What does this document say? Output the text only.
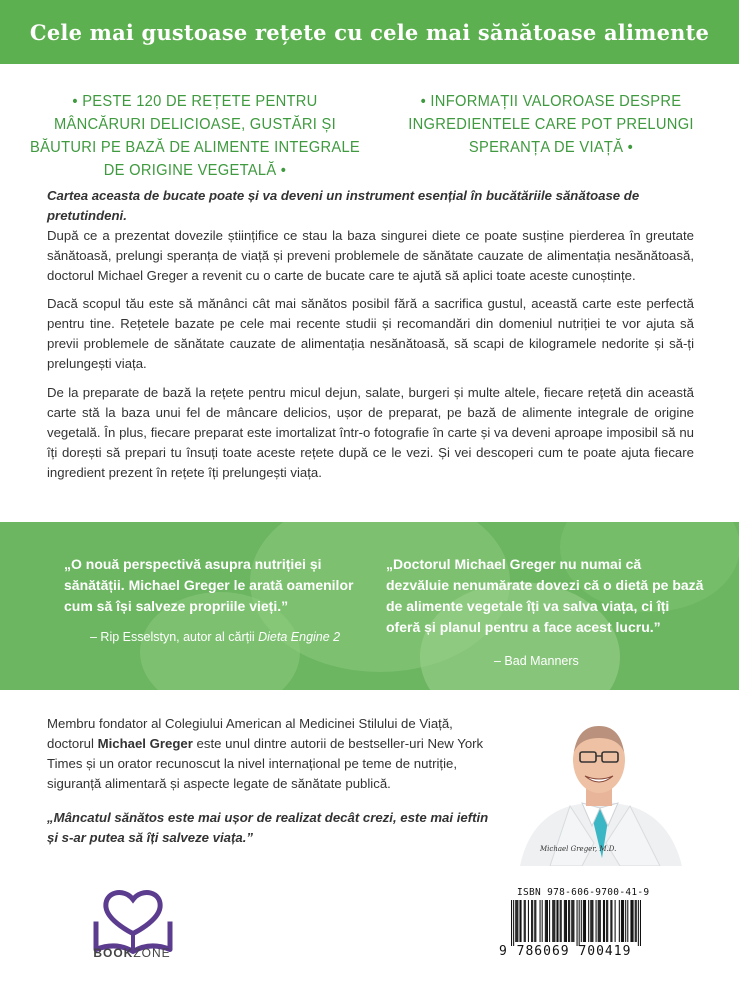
Cele mai gustoase rețete cu cele mai sănătoase alimente
• PESTE 120 DE REȚETE PENTRU MÂNCĂRURI DELICIOASE, GUSTĂRI ȘI BĂUTURI PE BAZĂ DE ALIMENTE INTEGRALE DE ORIGINE VEGETALĂ •
• INFORMAȚII VALOROASE DESPRE INGREDIENTELE CARE POT PRELUNGI SPERANȚA DE VIAȚĂ •

Cartea aceasta de bucate poate și va deveni un instrument esențial în bucătăriile sănătoase de pretutindeni.

După ce a prezentat dovezile științifice ce stau la baza singurei diete ce poate susține pierderea în greutate sănătoasă, prelungi speranța de viață și preveni problemele de sănătate cauzate de alimentația nesănătoasă, doctorul Michael Greger a revenit cu o carte de bucate care te ajută să aplici toate aceste cunoștințe.

Dacă scopul tău este să mănânci cât mai sănătos posibil fără a sacrifica gustul, această carte este perfectă pentru tine. Rețetele bazate pe cele mai recente studii și recomandări din domeniul nutriției te vor ajuta să previi problemele de sănătate cauzate de alimentația nesănătoasă, să scapi de kilogramele nedorite și să-ți prelungești viața.

De la preparate de bază la rețete pentru micul dejun, salate, burgeri și multe altele, fiecare rețetă din această carte stă la baza unui fel de mâncare delicios, ușor de preparat, pe bază de alimente integrale de origine vegetală. În plus, fiecare preparat este imortalizat într-o fotografie în carte și va deveni aproape imposibil să nu îți dorești să prepari tu însuți toate aceste rețete după ce le vezi. Și vei descoperi cum te poate ajuta fiecare ingredient prezent în rețete îți prelungești viața.

„O nouă perspectivă asupra nutriției și sănătății. Michael Greger le arată oamenilor cum să își salveze propriile vieți.”

– Rip Esselstyn, autor al cărții Dieta Engine 2

„Doctorul Michael Greger nu numai că dezvăluie nenumărate dovezi că o dietă pe bază de alimente vegetale îți va salva viața, ci îți oferă și planul pentru a face acest lucru.”

– Bad Manners

Membru fondator al Colegiului American al Medicinei Stilului de Viață, doctorul Michael Greger este unul dintre autorii de bestseller-uri New York Times și un orator recunoscut la nivel internațional pe teme de nutriție, siguranță alimentară și aspecte legate de sănătate publică.

„Mâncatul sănătos este mai ușor de realizat decât crezi, este mai ieftin și s-ar putea să îți salveze viața.”

Michael Greger, M.D.
BOOKZONE
ISBN 978-606-9700-41-9
9 786069 700419
